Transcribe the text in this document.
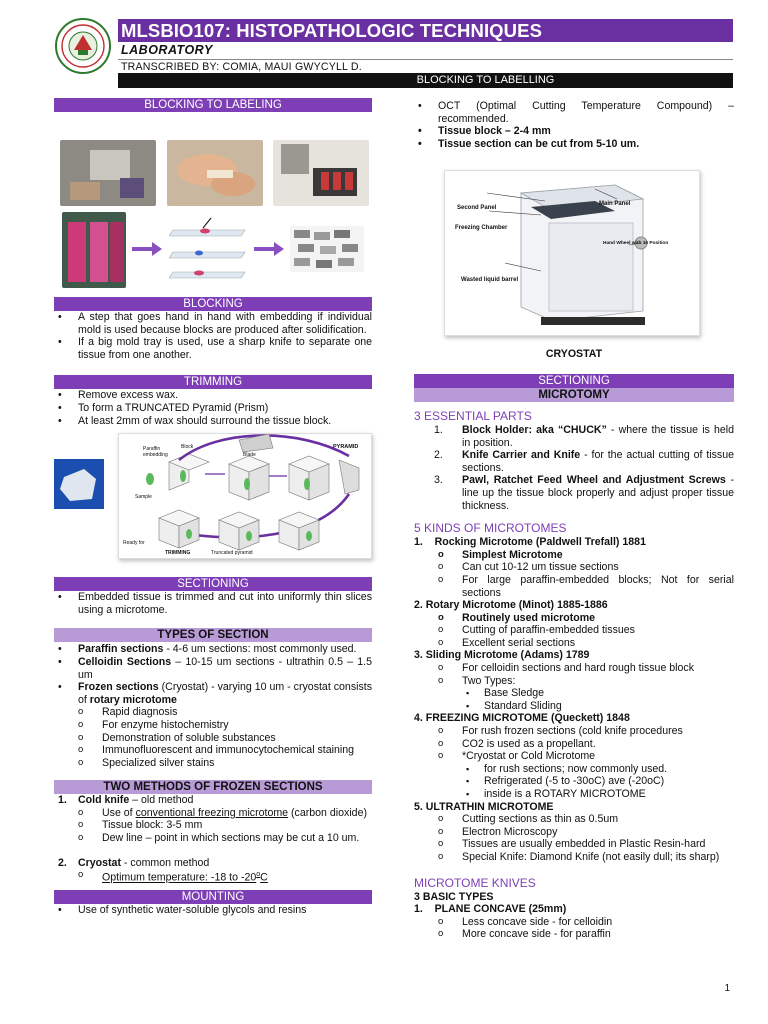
MLSBIO107: HISTOPATHOLOGIC TECHNIQUES
LABORATORY
TRANSCRIBED BY: COMIA, MAUI GWYCYLL D.
BLOCKING TO LABELLING
BLOCKING TO LABELING
BLOCKING
• A step that goes hand in hand with embedding if individual mold is used because blocks are produced after solidification.
• If a big mold tray is used, use a sharp knife to separate one tissue from one another.
TRIMMING
• Remove excess wax.
• To form a TRUNCATED Pyramid (Prism)
• At least 2mm of wax should surround the tissue block.
Paraffin embedding
Block
Blade
PYRAMID
Sample
Ready for
TRIMMING	Truncated pyramid
SECTIONING
• Embedded tissue is trimmed and cut into uniformly thin slices using a microtome.
TYPES OF SECTION
• Paraffin sections - 4-6 um sections: most commonly used.
• Celloidin Sections – 10-15 um sections - ultrathin 0.5 – 1.5 um
• Frozen sections (Cryostat) - varying 10 um - cryostat consists of rotary microtome
o Rapid diagnosis
o For enzyme histochemistry
o Demonstration of soluble substances
o Immunofluorescent and immunocytochemical staining
o Specialized silver stains
TWO METHODS OF FROZEN SECTIONS
1. Cold knife – old method
o Use of conventional freezing microtome (carbon dioxide)
o Tissue block: 3-5 mm
o Dew line – point in which sections may be cut a 10 um.
2. Cryostat - common method
o Optimum temperature: -18 to -20$^o$C
MOUNTING
• Use of synthetic water-soluble glycols and resins
• OCT (Optimal Cutting Temperature Compound) – recommended.
• Tissue block – 2-4 mm
• Tissue section can be cut from 5-10 um.
Second Panel
Main Panel
Freezing Chamber
Hand Wheel with 16 Position
Wasted liquid barrel
CRYOSTAT
SECTIONING
MICROTOMY
3 ESSENTIAL PARTS
1. Block Holder: aka “CHUCK” - where the tissue is held in position.
2. Knife Carrier and Knife - for the actual cutting of tissue sections.
3. Pawl, Ratchet Feed Wheel and Adjustment Screws - line up the tissue block properly and adjust proper tissue thickness.
5 KINDS OF MICROTOMES
1.    Rocking Microtome (Paldwell Trefall) 1881
o Simplest Microtome
o Can cut 10-12 um tissue sections
o For large paraffin-embedded blocks; Not for serial sections
2. Rotary Microtome (Minot) 1885-1886
o Routinely used microtome
o Cutting of paraffin-embedded tissues
o Excellent serial sections
3. Sliding Microtome (Adams) 1789
o For celloidin sections and hard rough tissue block
o Two Types:
▪ Base Sledge
▪ Standard Sliding
4. FREEZING MICROTOME (Queckett) 1848
o For rush frozen sections (cold knife procedures
o CO2 is used as a propellant.
o *Cryostat or Cold Microtome
▪ for rush sections; now commonly used.
▪ Refrigerated (-5 to -30oC) ave (-20oC)
▪ inside is a ROTARY MICROTOME
5. ULTRATHIN MICROTOME
o Cutting sections as thin as 0.5um
o Electron Microscopy
o Tissues are usually embedded in Plastic Resin-hard
o Special Knife: Diamond Knife (not easily dull; its sharp)
MICROTOME KNIVES
3 BASIC TYPES
1.    PLANE CONCAVE (25mm)
o Less concave side - for celloidin
o More concave side - for paraffin
1
